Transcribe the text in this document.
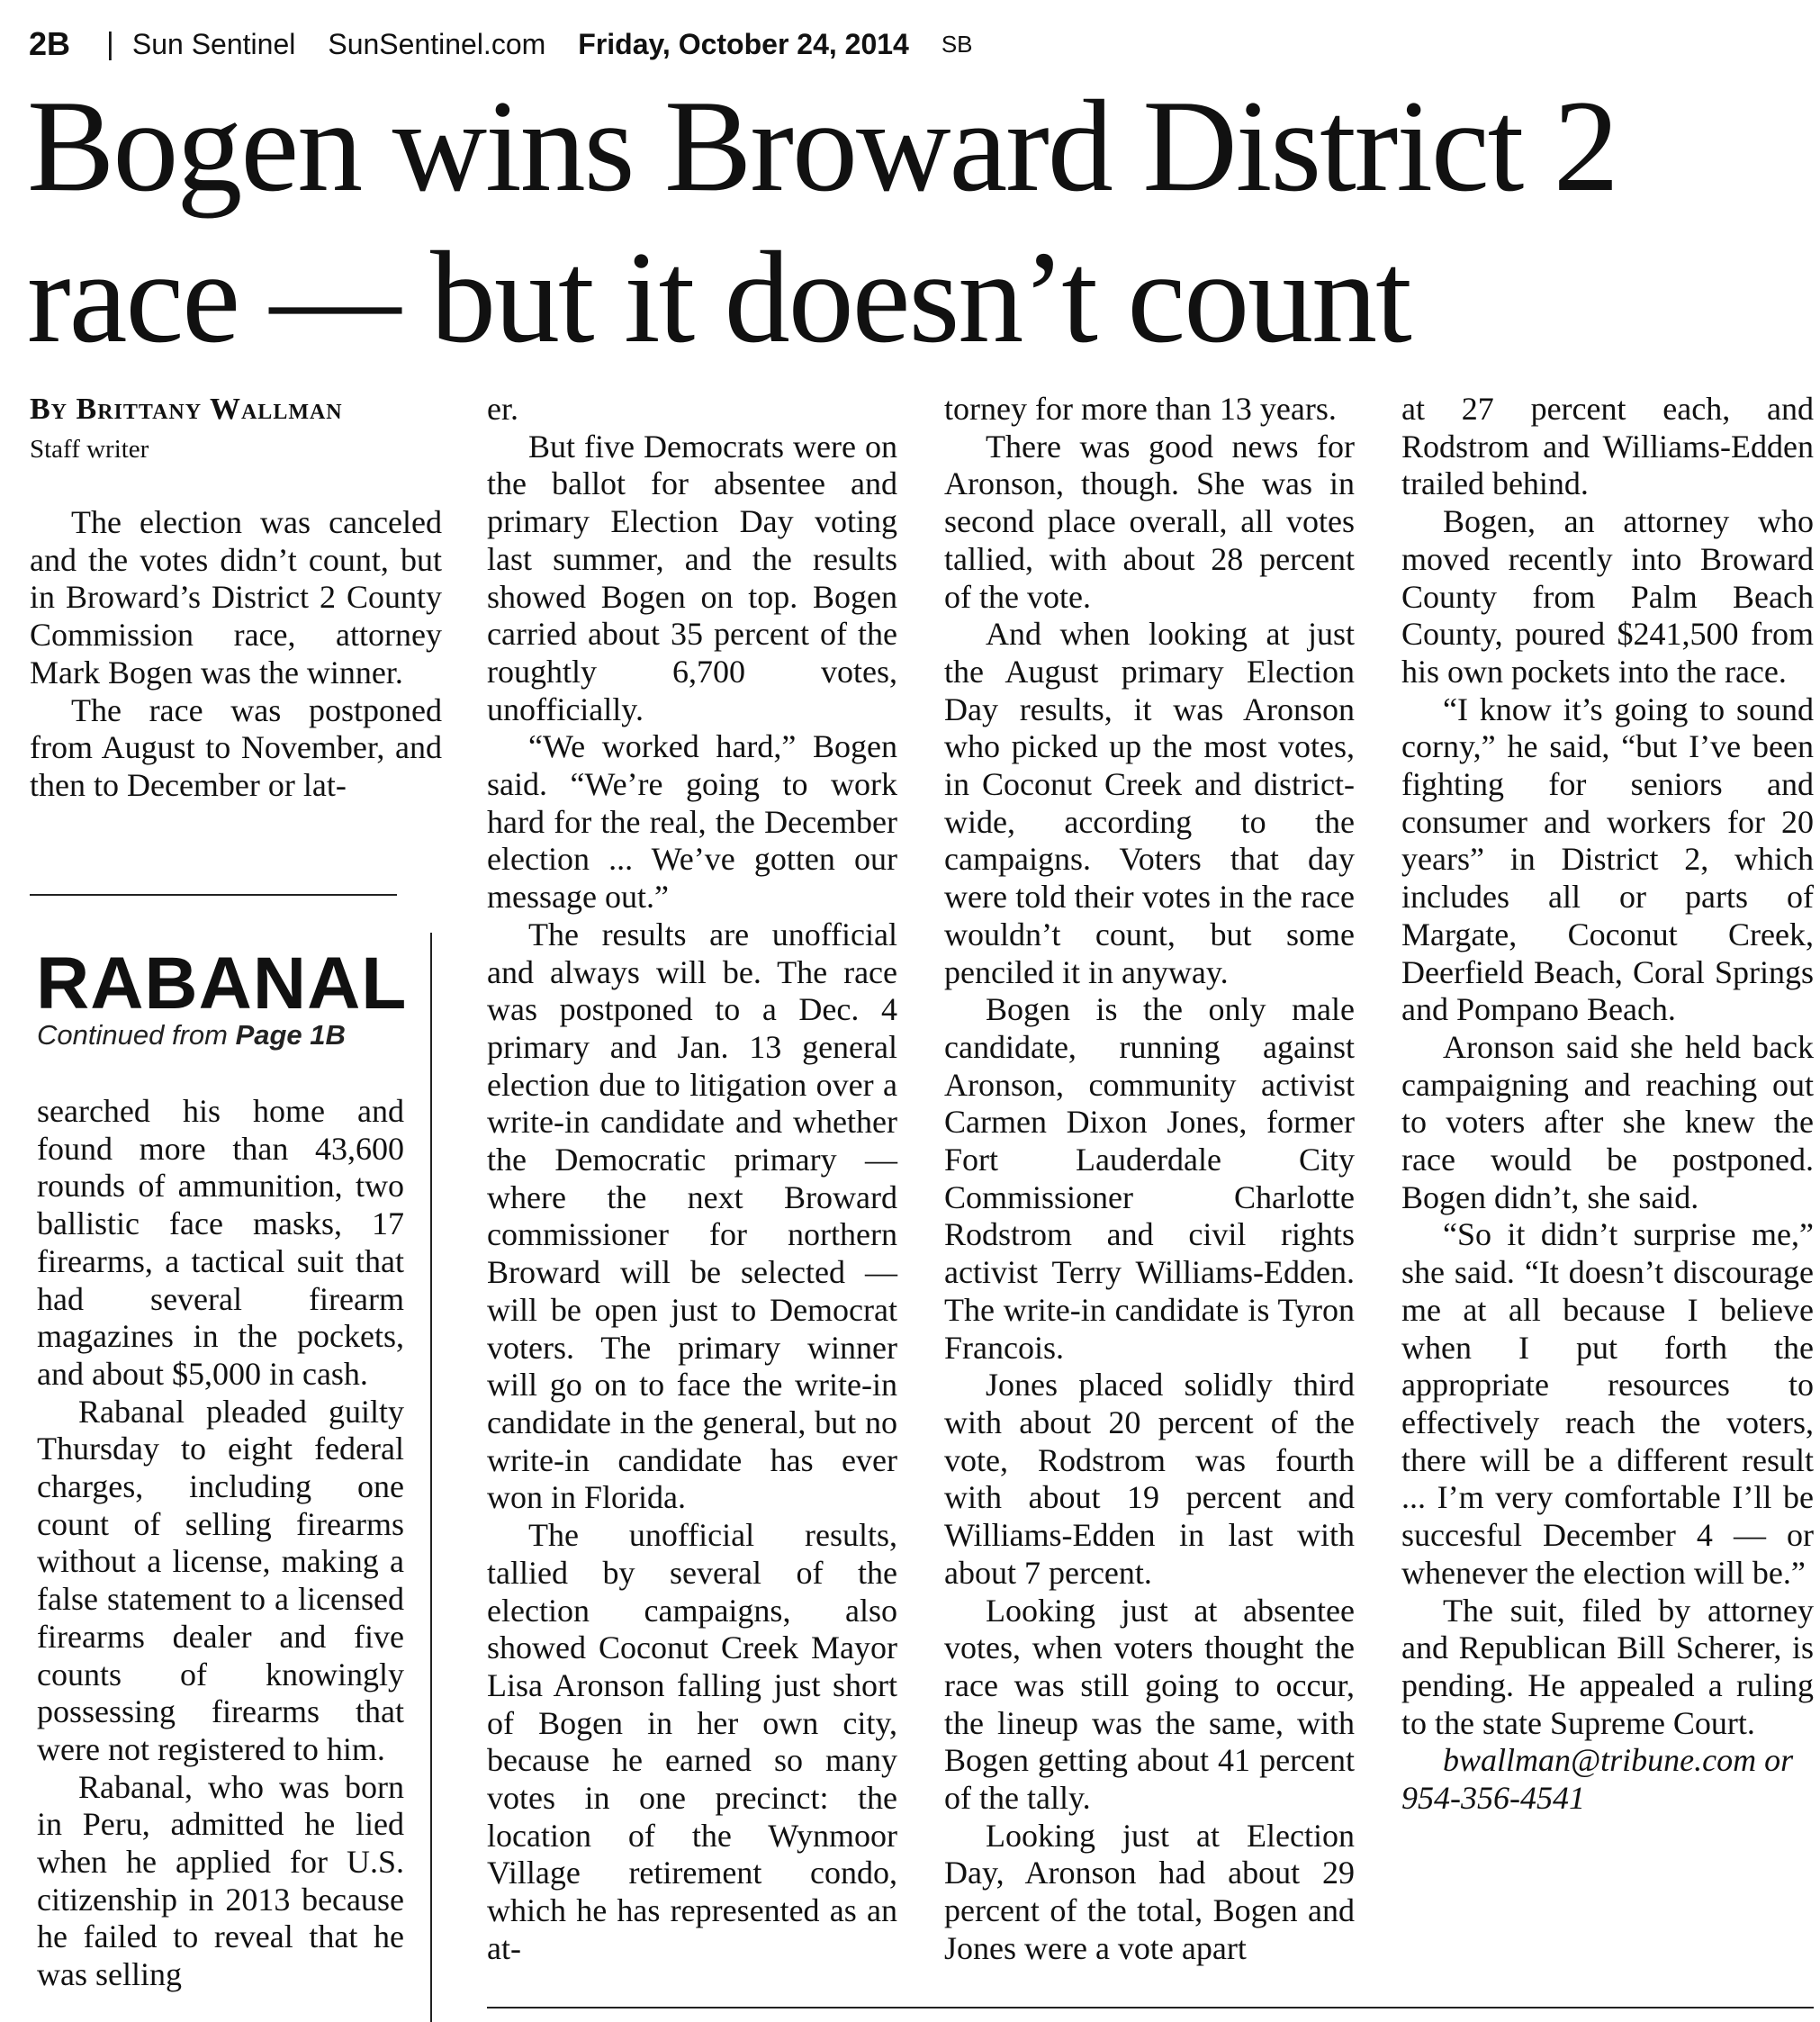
2B | Sun Sentinel SunSentinel.com Friday, October 24, 2014 SB
Bogen wins Broward District 2
race — but it doesn’t count
By Brittany Wallman
Staff writer

The election was canceled and the votes didn’t count, but in Broward’s District 2 County Commission race, attorney Mark Bogen was the winner.

The race was postponed from August to November, and then to December or lat-

RABANAL
Continued from Page 1B

searched his home and found more than 43,600 rounds of ammunition, two ballistic face masks, 17 firearms, a tactical suit that had several firearm magazines in the pockets, and about $5,000 in cash.

Rabanal pleaded guilty Thursday to eight federal charges, including one count of selling firearms without a license, making a false statement to a licensed firearms dealer and five counts of knowingly possessing firearms that were not registered to him.

Rabanal, who was born in Peru, admitted he lied when he applied for U.S. citizenship in 2013 because he failed to reveal that he was selling

er.

But five Democrats were on the ballot for absentee and primary Election Day voting last summer, and the results showed Bogen on top. Bogen carried about 35 percent of the roughtly 6,700 votes, unofficially.

“We worked hard,” Bogen said. “We’re going to work hard for the real, the December election ... We’ve gotten our message out.”

The results are unofficial and always will be. The race was postponed to a Dec. 4 primary and Jan. 13 general election due to litigation over a write-in candidate and whether the Democratic primary — where the next Broward commissioner for northern Broward will be selected — will be open just to Democrat voters. The primary winner will go on to face the write-in candidate in the general, but no write-in candidate has ever won in Florida.

The unofficial results, tallied by several of the election campaigns, also showed Coconut Creek Mayor Lisa Aronson falling just short of Bogen in her own city, because he earned so many votes in one precinct: the location of the Wynmoor Village retirement condo, which he has represented as an at-

torney for more than 13 years.

There was good news for Aronson, though. She was in second place overall, all votes tallied, with about 28 percent of the vote.

And when looking at just the August primary Election Day results, it was Aronson who picked up the most votes, in Coconut Creek and district-wide, according to the campaigns. Voters that day were told their votes in the race wouldn’t count, but some penciled it in anyway.

Bogen is the only male candidate, running against Aronson, community activist Carmen Dixon Jones, former Fort Lauderdale City Commissioner Charlotte Rodstrom and civil rights activist Terry Williams-Edden. The write-in candidate is Tyron Francois.

Jones placed solidly third with about 20 percent of the vote, Rodstrom was fourth with about 19 percent and Williams-Edden in last with about 7 percent.

Looking just at absentee votes, when voters thought the race was still going to occur, the lineup was the same, with Bogen getting about 41 percent of the tally.

Looking just at Election Day, Aronson had about 29 percent of the total, Bogen and Jones were a vote apart

at 27 percent each, and Rodstrom and Williams-Edden trailed behind.

Bogen, an attorney who moved recently into Broward County from Palm Beach County, poured $241,500 from his own pockets into the race.

“I know it’s going to sound corny,” he said, “but I’ve been fighting for seniors and consumer and workers for 20 years” in District 2, which includes all or parts of Margate, Coconut Creek, Deerfield Beach, Coral Springs and Pompano Beach.

Aronson said she held back campaigning and reaching out to voters after she knew the race would be postponed. Bogen didn’t, she said.

“So it didn’t surprise me,” she said. “It doesn’t discourage me at all because I believe when I put forth the appropriate resources to effectively reach the voters, there will be a different result ... I’m very comfortable I’ll be succesful December 4 — or whenever the election will be.”

The suit, filed by attorney and Republican Bill Scherer, is pending. He appealed a ruling to the state Supreme Court.

bwallman@tribune.com or 954-356-4541
